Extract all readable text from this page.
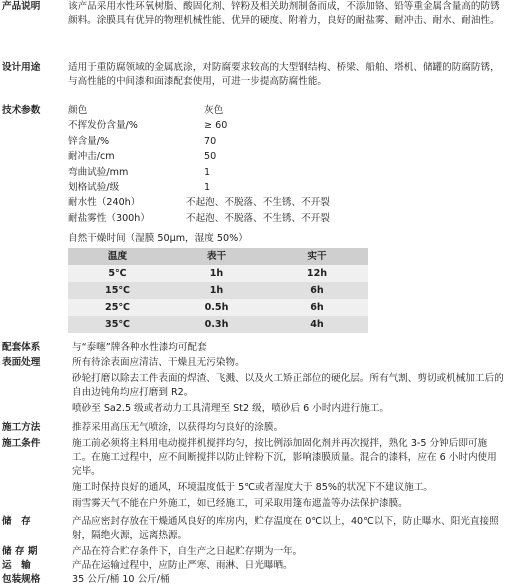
产品说明	该产品采用水性环氧树脂、酸固化剂、锌粉及相关助剂制备而成，不添加铬、铅等重金属含量高的防锈颜料。涂膜具有优异的物理机械性能、优异的硬度、附着力，良好的耐盐雾、耐冲击、耐水、耐油性。
设计用途	适用于重防腐领域的金属底涂，对防腐要求较高的大型钢结构、桥梁、船舶、塔机、储罐的防腐防锈，与高性能的中间漆和面漆配套使用，可进一步提高防腐性能。
技术参数	颜色	灰色
不挥发份含量/%	≥ 60
锌含量/%	70
耐冲击/cm	50
弯曲试验/mm	1
划格试验/级	1
耐水性（240h）	不起泡、不脱落、不生锈、不开裂
耐盐雾性（300h）	不起泡、不脱落、不生锈、不开裂
自然干燥时间（湿膜 50μm，湿度 50%）
温度	表干	实干
5℃	1h	12h
15℃	1h	6h
25℃	0.5h	6h
35℃	0.3h	4h
配套体系	与“泰噻”牌各种水性漆均可配套
表面处理	所有待涂表面应清洁、干燥且无污染物。
砂轮打磨以除去工件表面的焊渣、飞溅、以及火工矫正部位的硬化层。所有气割、剪切或机械加工后的自由边钝角均应打磨到 R2。
喷砂至 Sa2.5 级或者动力工具清理至 St2 级，喷砂后 6 小时内进行施工。
施工方法	推荐采用高压无气喷涂，以获得均匀良好的涂膜。
施工条件	施工前必须将主料用电动搅拌机搅拌均匀，按比例添加固化剂并再次搅拌，熟化 3-5 分钟后即可施工。在施工过程中，应不间断搅拌以防止锌粉下沉，影响漆膜质量。混合的漆料，应在 6 小时内使用完毕。
施工时保持良好的通风，环境温度低于 5℃或者湿度大于 85%的状况下不建议施工。
雨雪雾天气不能在户外施工，如已经施工，可采取用篷布遮盖等办法保护漆膜。
储　存	产品应密封存放在干燥通风良好的库房内，贮存温度在 0℃以上，40℃以下，防止曝水、阳光直接照射，隔绝火源，远离热源。
储 存 期	产品在符合贮存条件下，自生产之日起贮存期为一年。
运　输	产品在运输过程中，应防止严寒、雨淋、日光曝晒。
包装规格	35 公斤/桶 10 公斤/桶
